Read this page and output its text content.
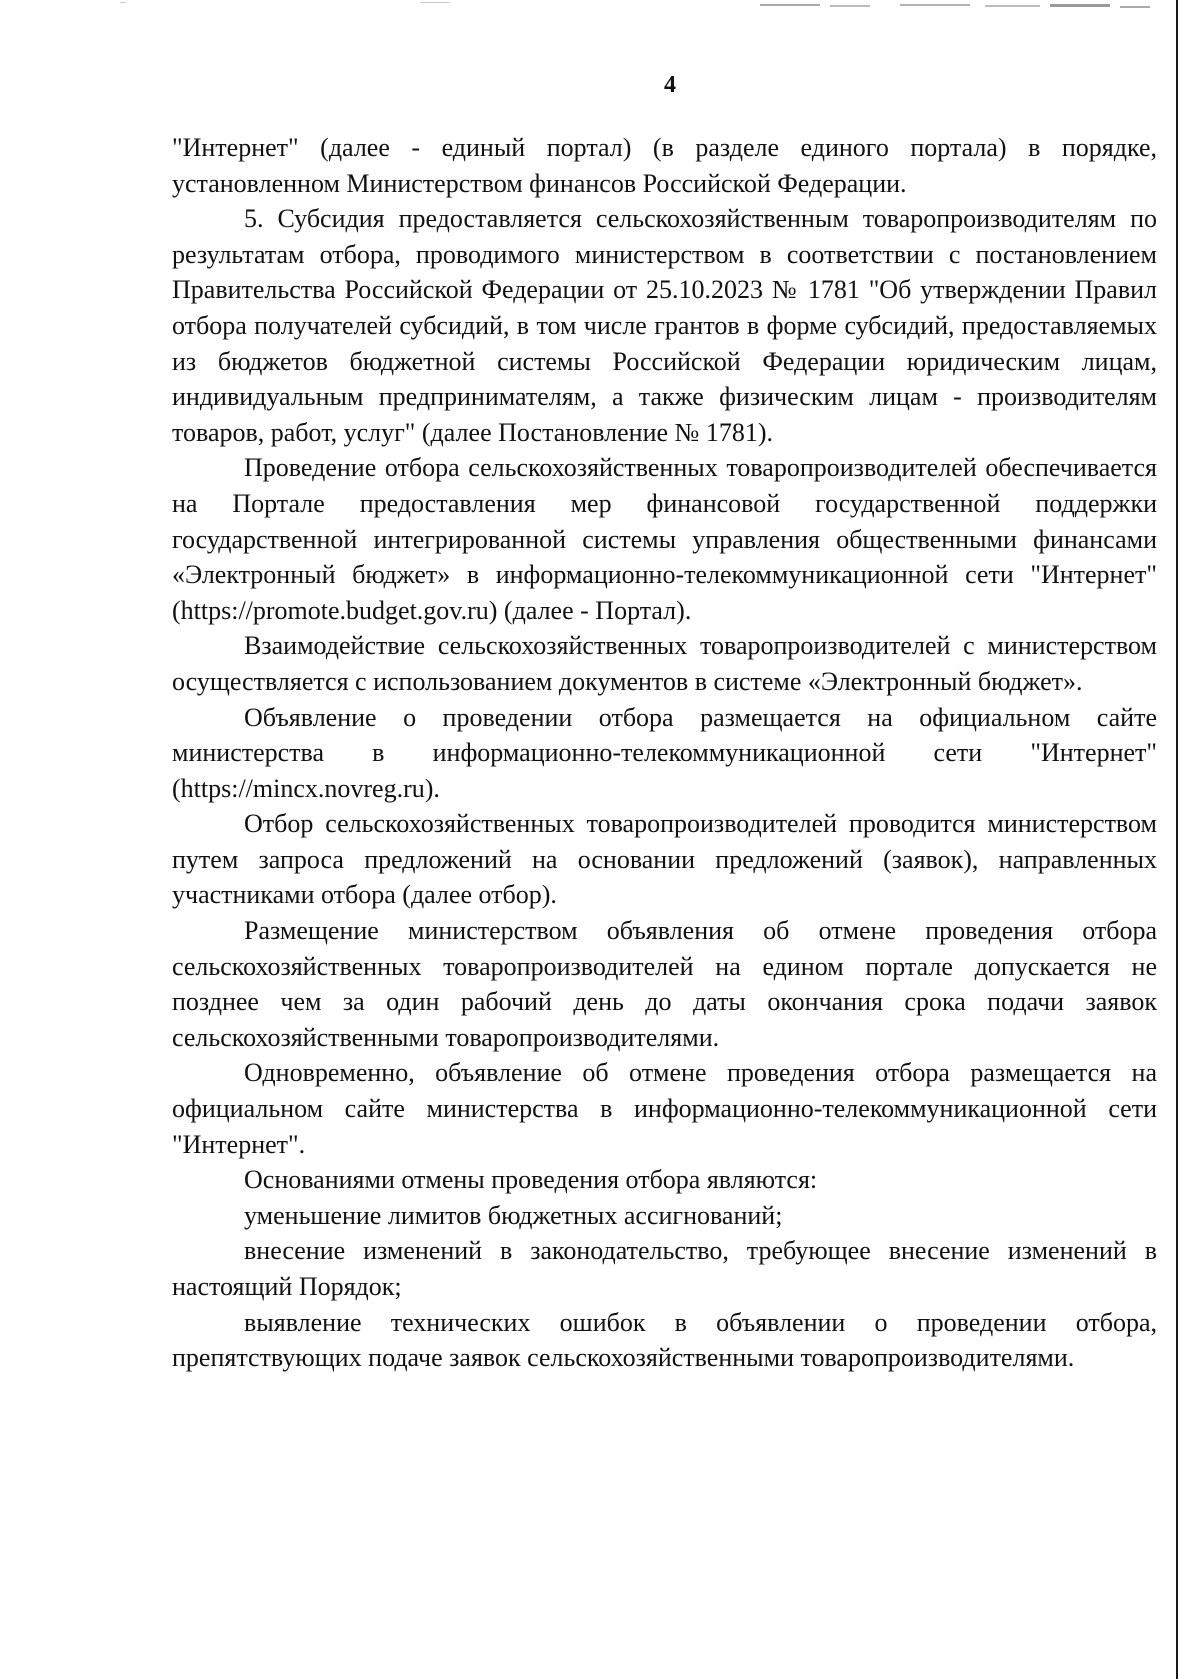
4

"Интернет" (далее - единый портал) (в разделе единого портала) в порядке, установленном Министерством финансов Российской Федерации.

5. Субсидия предоставляется сельскохозяйственным товаропроизводителям по результатам отбора, проводимого министерством в соответствии с постановлением Правительства Российской Федерации от 25.10.2023 № 1781 "Об утверждении Правил отбора получателей субсидий, в том числе грантов в форме субсидий, предоставляемых из бюджетов бюджетной системы Российской Федерации юридическим лицам, индивидуальным предпринимателям, а также физическим лицам - производителям товаров, работ, услуг" (далее Постановление № 1781).

Проведение отбора сельскохозяйственных товаропроизводителей обеспечивается на Портале предоставления мер финансовой государственной поддержки государственной интегрированной системы управления общественными финансами «Электронный бюджет» в информационно-телекоммуникационной сети "Интернет" (https://promote.budget.gov.ru) (далее - Портал).

Взаимодействие сельскохозяйственных товаропроизводителей с министерством осуществляется с использованием документов в системе «Электронный бюджет».

Объявление о проведении отбора размещается на официальном сайте министерства в информационно-телекоммуникационной сети "Интернет" (https://mincx.novreg.ru).

Отбор сельскохозяйственных товаропроизводителей проводится министерством путем запроса предложений на основании предложений (заявок), направленных участниками отбора (далее отбор).

Размещение министерством объявления об отмене проведения отбора сельскохозяйственных товаропроизводителей на едином портале допускается не позднее чем за один рабочий день до даты окончания срока подачи заявок сельскохозяйственными товаропроизводителями.

Одновременно, объявление об отмене проведения отбора размещается на официальном сайте министерства в информационно-телекоммуникационной сети "Интернет".

Основаниями отмены проведения отбора являются:

уменьшение лимитов бюджетных ассигнований;

внесение изменений в законодательство, требующее внесение изменений в настоящий Порядок;

выявление технических ошибок в объявлении о проведении отбора, препятствующих подаче заявок сельскохозяйственными товаропроизводителями.
